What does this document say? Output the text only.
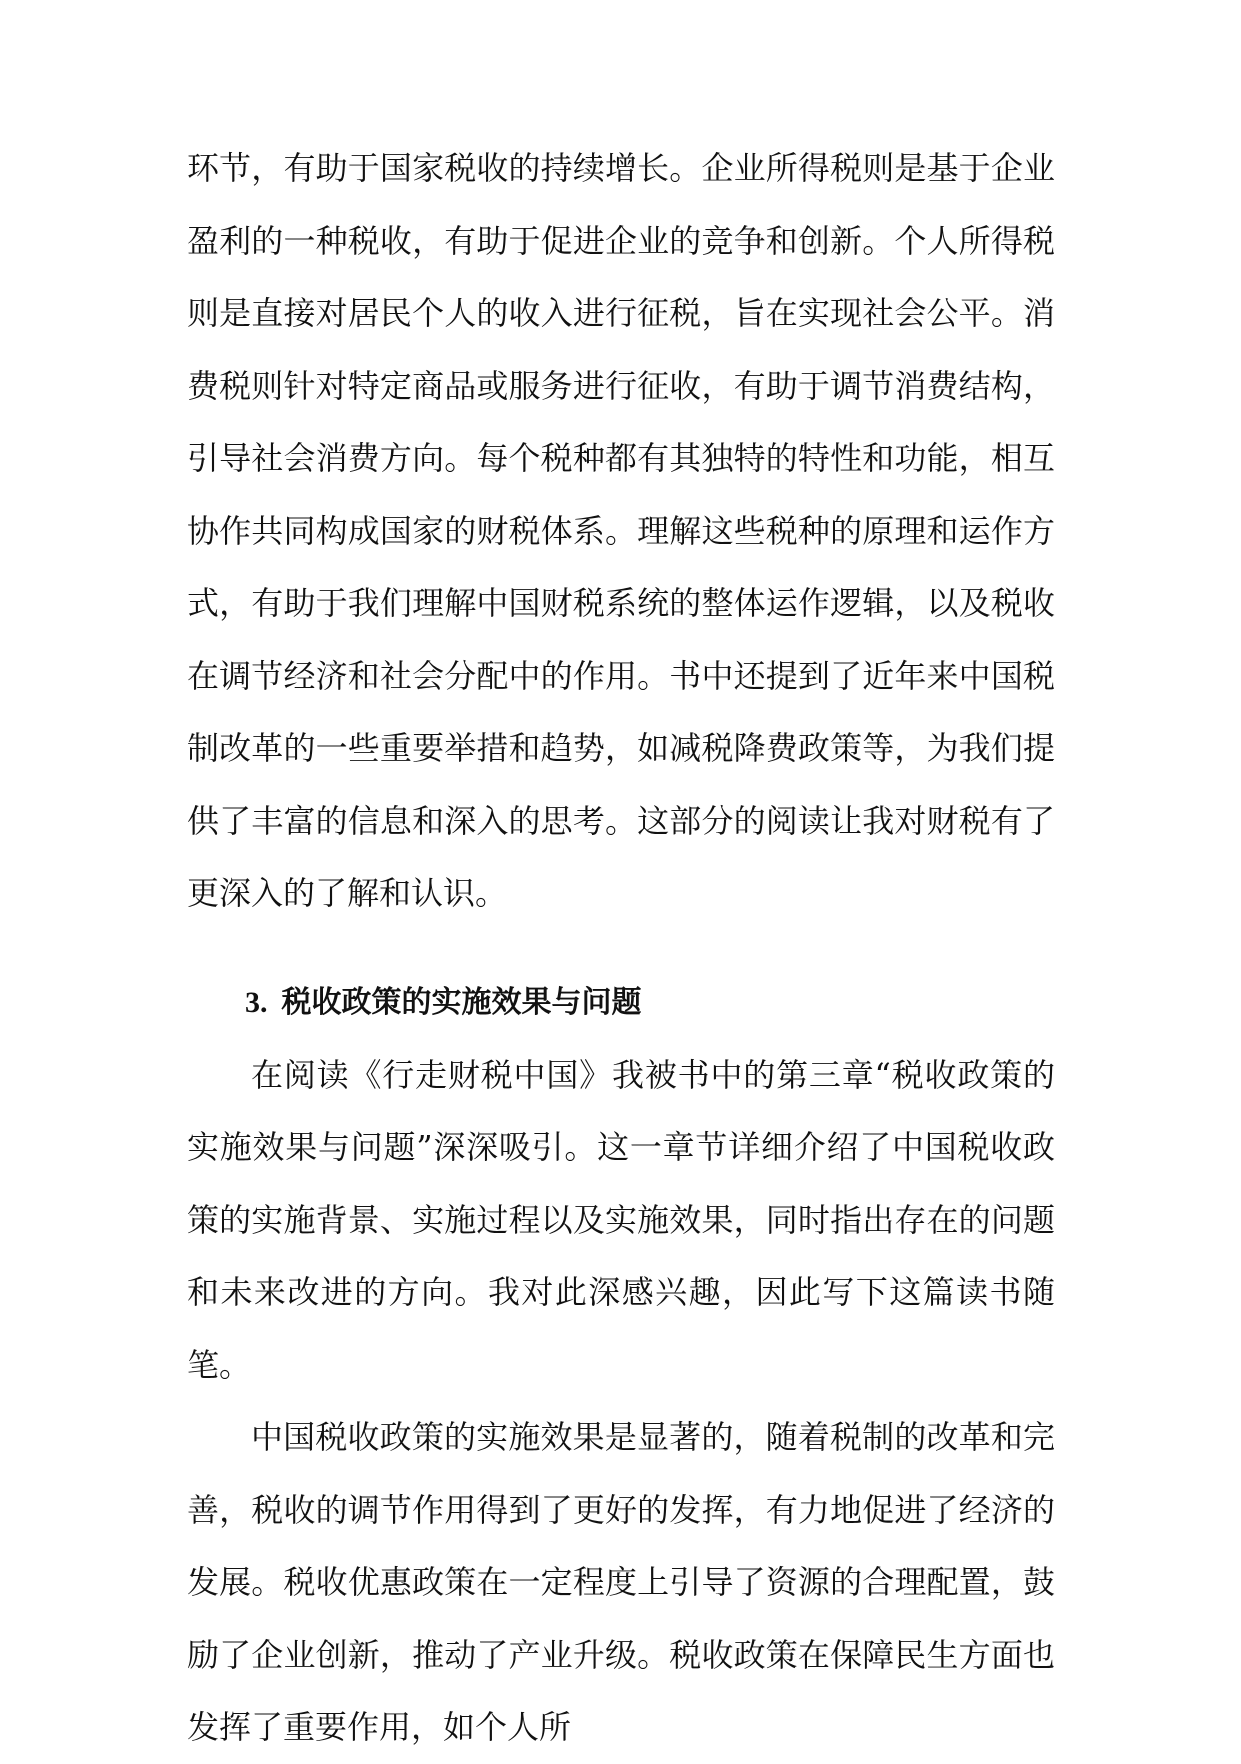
环节，有助于国家税收的持续增长。企业所得税则是基于企业盈利的一种税收，有助于促进企业的竞争和创新。个人所得税则是直接对居民个人的收入进行征税，旨在实现社会公平。消费税则针对特定商品或服务进行征收，有助于调节消费结构，引导社会消费方向。每个税种都有其独特的特性和功能，相互协作共同构成国家的财税体系。理解这些税种的原理和运作方式，有助于我们理解中国财税系统的整体运作逻辑，以及税收在调节经济和社会分配中的作用。书中还提到了近年来中国税制改革的一些重要举措和趋势，如减税降费政策等，为我们提供了丰富的信息和深入的思考。这部分的阅读让我对财税有了更深入的了解和认识。

3. 税收政策的实施效果与问题

在阅读《行走财税中国》我被书中的第三章“税收政策的实施效果与问题”深深吸引。这一章节详细介绍了中国税收政策的实施背景、实施过程以及实施效果，同时指出存在的问题和未来改进的方向。我对此深感兴趣，因此写下这篇读书随笔。

中国税收政策的实施效果是显著的，随着税制的改革和完善，税收的调节作用得到了更好的发挥，有力地促进了经济的发展。税收优惠政策在一定程度上引导了资源的合理配置，鼓励了企业创新，推动了产业升级。税收政策在保障民生方面也发挥了重要作用，如个人所
